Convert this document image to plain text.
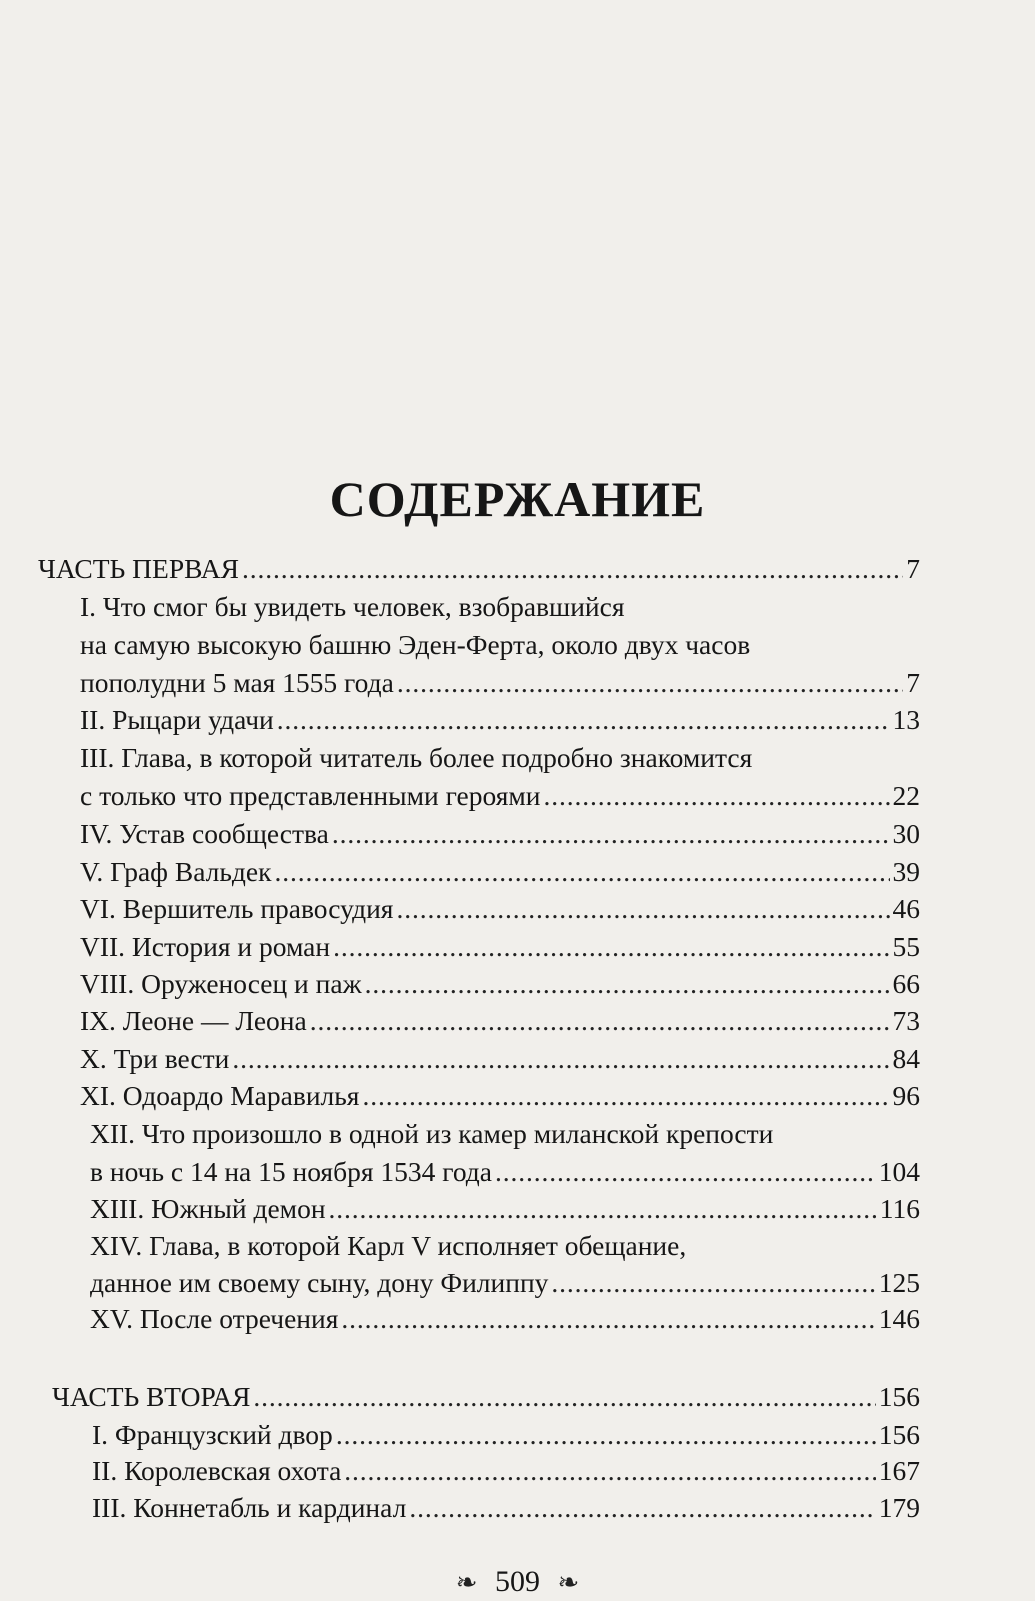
СОДЕРЖАНИЕ
ЧАСТЬ ПЕРВАЯ . . .	7
I. Что смог бы увидеть человек, взобравшийся
на самую высокую башню Эден-Ферта, около двух часов
пополудни 5 мая 1555 года . . .	7
II. Рыцари удачи . . .	13
III. Глава, в которой читатель более подробно знакомится
с только что представленными героями . . .	22
IV. Устав сообщества . . .	30
V. Граф Вальдек . . .	39
VI. Вершитель правосудия . . .	46
VII. История и роман . . .	55
VIII. Оруженосец и паж . . .	66
IX. Леоне — Леона . . .	73
X. Три вести . . .	84
XI. Одоардо Маравилья . . .	96
XII. Что произошло в одной из камер миланской крепости
в ночь с 14 на 15 ноября 1534 года . . .	104
XIII. Южный демон . . .	116
XIV. Глава, в которой Карл V исполняет обещание,
данное им своему сыну, дону Филиппу . . .	125
XV. После отречения . . .	146
ЧАСТЬ ВТОРАЯ . . .	156
I. Французский двор . . .	156
II. Королевская охота . . .	167
III. Коннетабль и кардинал . . .	179
❧ 509 ❧
